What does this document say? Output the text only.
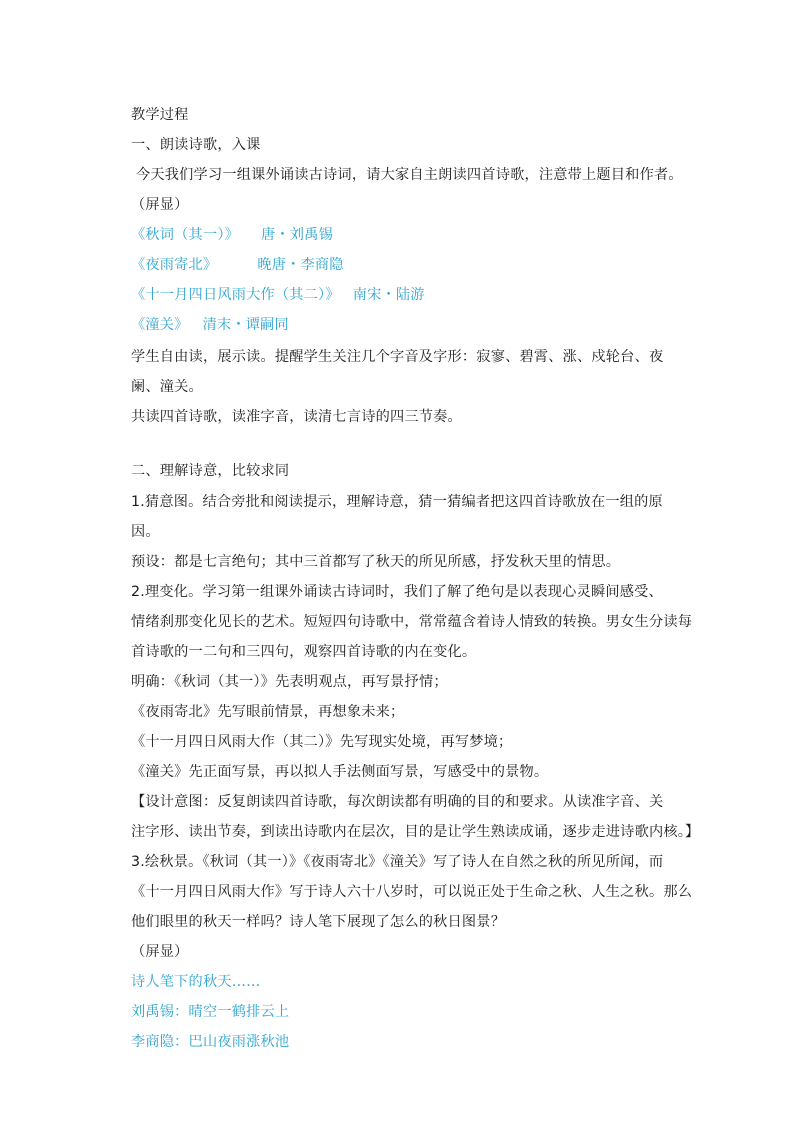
教学过程
一、朗读诗歌，入课
今天我们学习一组课外诵读古诗词，请大家自主朗读四首诗歌，注意带上题目和作者。
（屏显）
《秋词（其一）》 唐・刘禹锡
《夜雨寄北》	晚唐・李商隐
《十一月四日风雨大作（其二）》 南宋・陆游
《潼关》 清末・谭嗣同
学生自由读，展示读。提醒学生关注几个字音及字形：寂寥、碧霄、涨、戍轮台、夜
阑、潼关。
共读四首诗歌，读准字音，读清七言诗的四三节奏。
二、理解诗意，比较求同
1.猜意图。结合旁批和阅读提示，理解诗意，猜一猜编者把这四首诗歌放在一组的原
因。
预设：都是七言绝句；其中三首都写了秋天的所见所感，抒发秋天里的情思。
2.理变化。学习第一组课外诵读古诗词时，我们了解了绝句是以表现心灵瞬间感受、
情绪刹那变化见长的艺术。短短四句诗歌中，常常蕴含着诗人情致的转换。男女生分读每
首诗歌的一二句和三四句，观察四首诗歌的内在变化。
明确：《秋词（其一）》先表明观点，再写景抒情；
《夜雨寄北》先写眼前情景，再想象未来；
《十一月四日风雨大作（其二）》先写现实处境，再写梦境；
《潼关》先正面写景，再以拟人手法侧面写景，写感受中的景物。
【设计意图：反复朗读四首诗歌，每次朗读都有明确的目的和要求。从读准字音、关
注字形、读出节奏，到读出诗歌内在层次，目的是让学生熟读成诵，逐步走进诗歌内核。】
3.绘秋景。《秋词（其一）》《夜雨寄北》《潼关》写了诗人在自然之秋的所见所闻，而
《十一月四日风雨大作》写于诗人六十八岁时，可以说正处于生命之秋、人生之秋。那么
他们眼里的秋天一样吗？诗人笔下展现了怎么的秋日图景？
（屏显）
诗人笔下的秋天……
刘禹锡：晴空一鹤排云上
李商隐：巴山夜雨涨秋池
